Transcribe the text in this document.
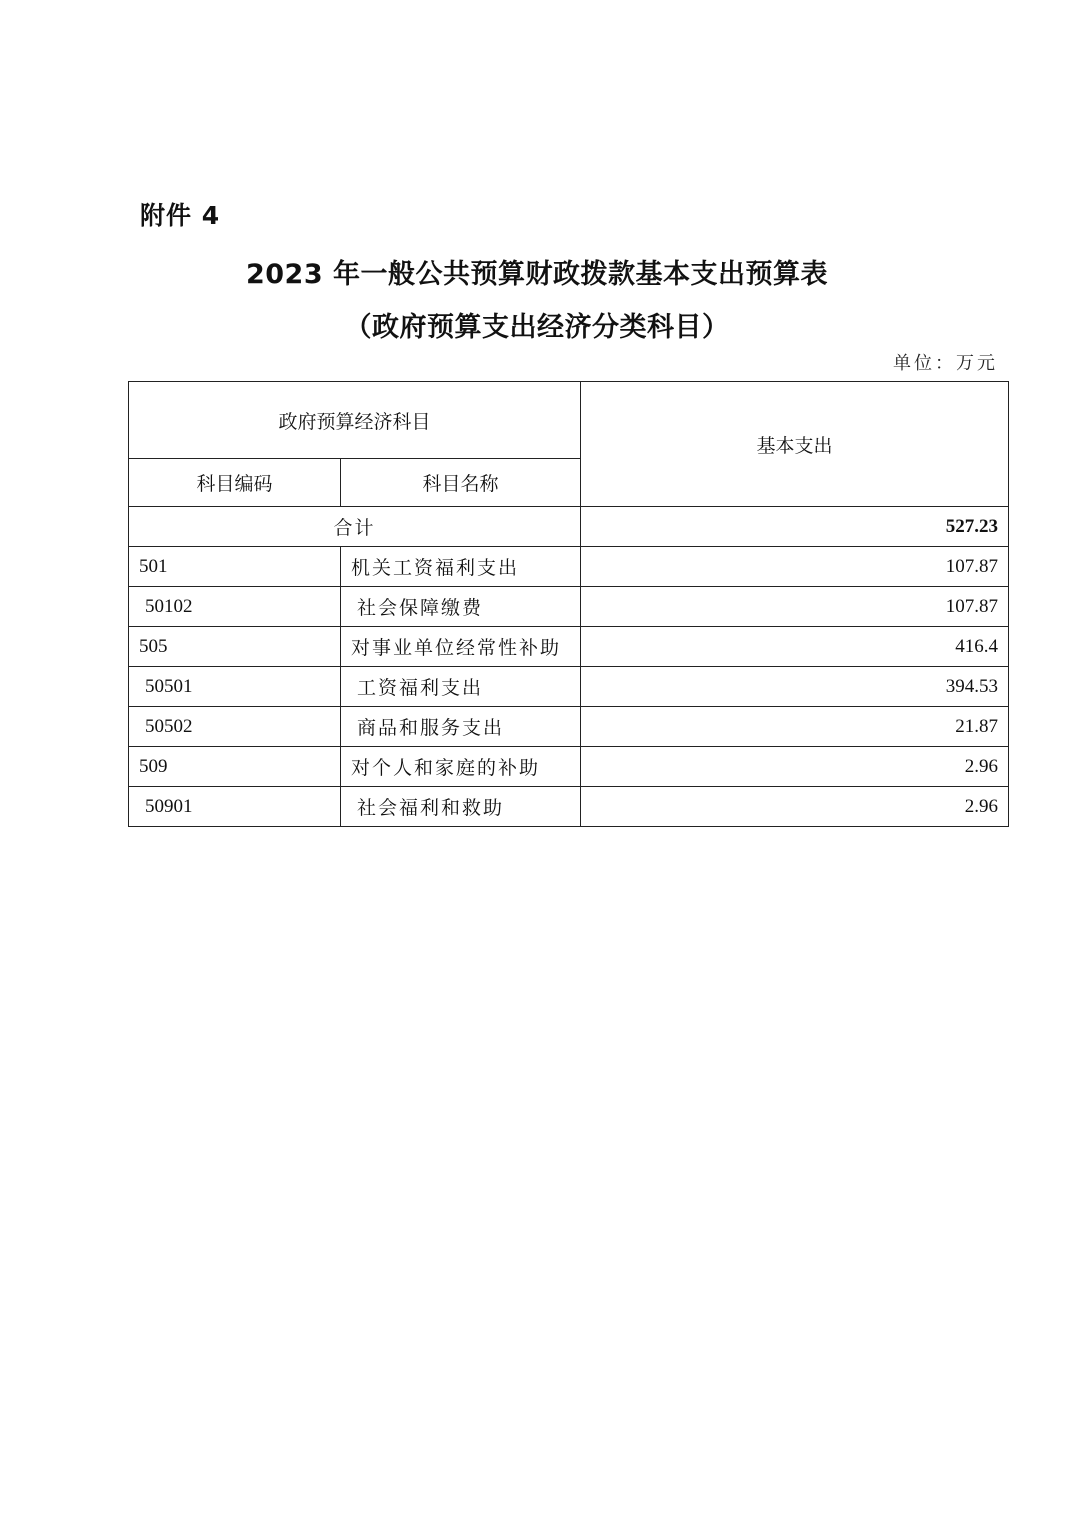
附件 4
2023 年一般公共预算财政拨款基本支出预算表
（政府预算支出经济分类科目）
单位：万元
政府预算经济科目		基本支出
科目编码	科目名称	
合计		527.23
501	机关工资福利支出	107.87
50102	社会保障缴费	107.87
505	对事业单位经常性补助	416.4
50501	工资福利支出	394.53
50502	商品和服务支出	21.87
509	对个人和家庭的补助	2.96
50901	社会福利和救助	2.96
